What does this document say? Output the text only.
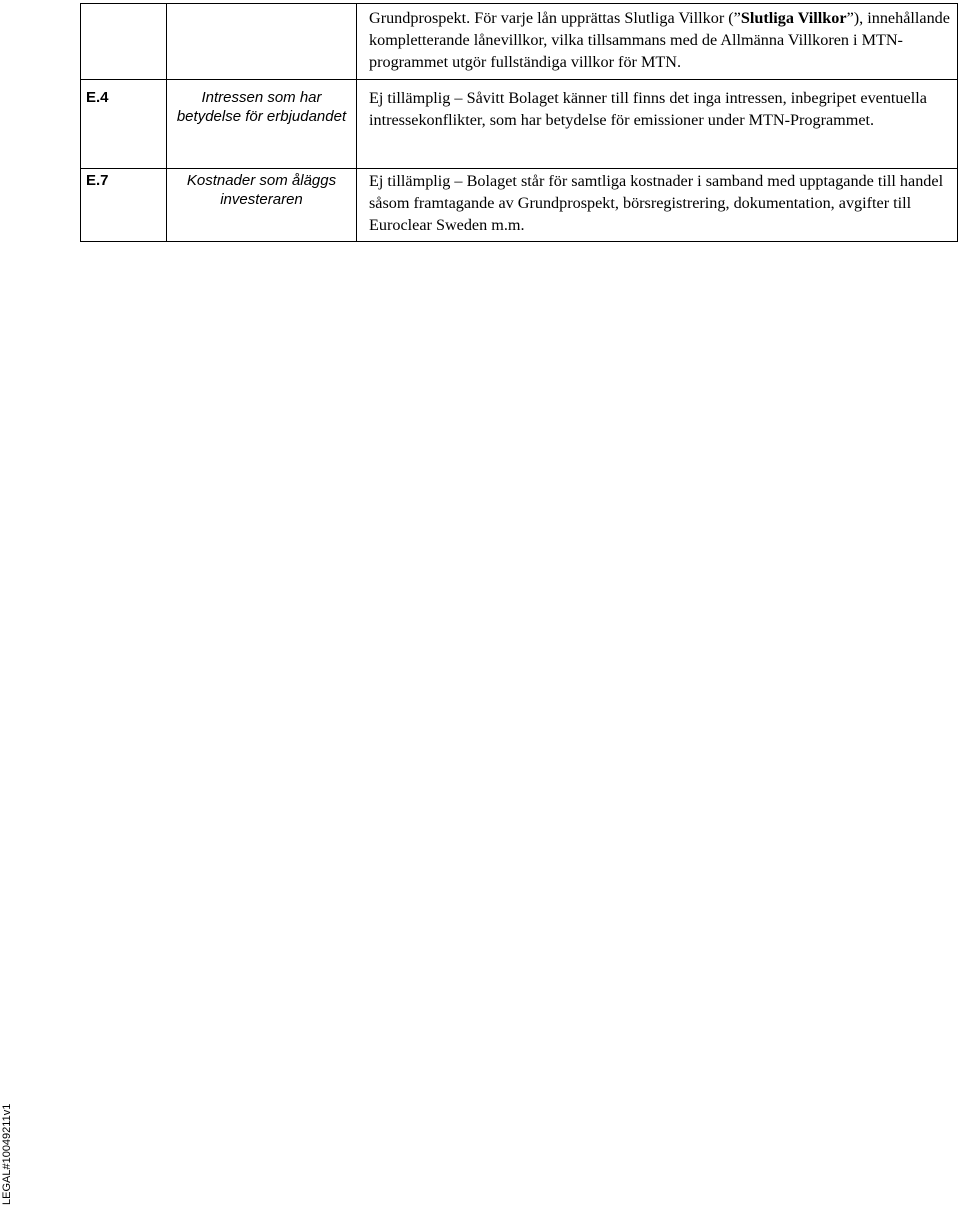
		Grundprospekt. För varje lån upprättas Slutliga Villkor (”Slutliga Villkor”), innehållande kompletterande lånevillkor, vilka tillsammans med de Allmänna Villkoren i MTN-programmet utgör fullständiga villkor för MTN.
E.4	Intressen som har betydelse för erbjudandet	Ej tillämplig – Såvitt Bolaget känner till finns det inga intressen, inbegripet eventuella intressekonflikter, som har betydelse för emissioner under MTN-Programmet.
E.7	Kostnader som åläggs investeraren	Ej tillämplig – Bolaget står för samtliga kostnader i samband med upptagande till handel såsom framtagande av Grundprospekt, börsregistrering, dokumentation, avgifter till Euroclear Sweden m.m.
LEGAL#10049211v1
